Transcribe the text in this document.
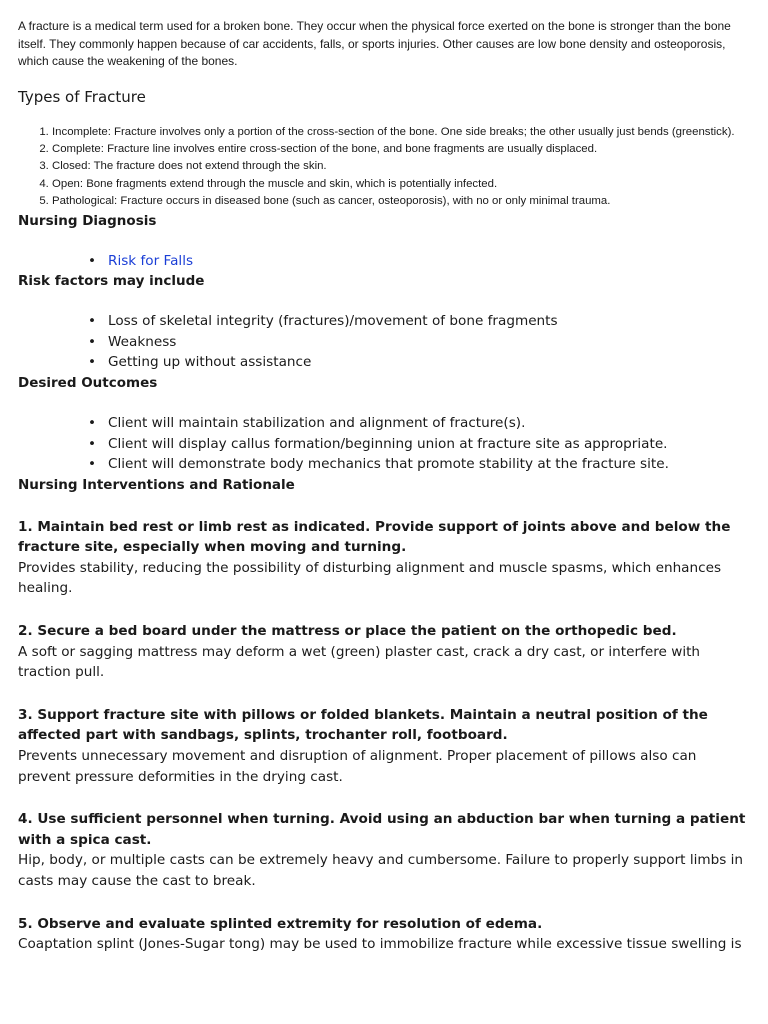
A fracture is a medical term used for a broken bone. They occur when the physical force exerted on the bone is stronger than the bone itself. They commonly happen because of car accidents, falls, or sports injuries. Other causes are low bone density and osteoporosis, which cause the weakening of the bones.

Types of Fracture
1. Incomplete: Fracture involves only a portion of the cross-section of the bone. One side breaks; the other usually just bends (greenstick).
2. Complete: Fracture line involves entire cross-section of the bone, and bone fragments are usually displaced.
3. Closed: The fracture does not extend through the skin.
4. Open: Bone fragments extend through the muscle and skin, which is potentially infected.
5. Pathological: Fracture occurs in diseased bone (such as cancer, osteoporosis), with no or only minimal trauma.
Nursing Diagnosis
• Risk for Falls
Risk factors may include
• Loss of skeletal integrity (fractures)/movement of bone fragments
• Weakness
• Getting up without assistance
Desired Outcomes
• Client will maintain stabilization and alignment of fracture(s).
• Client will display callus formation/beginning union at fracture site as appropriate.
• Client will demonstrate body mechanics that promote stability at the fracture site.
Nursing Interventions and Rationale

1. Maintain bed rest or limb rest as indicated. Provide support of joints above and below the fracture site, especially when moving and turning.

Provides stability, reducing the possibility of disturbing alignment and muscle spasms, which enhances healing.

2. Secure a bed board under the mattress or place the patient on the orthopedic bed.

A soft or sagging mattress may deform a wet (green) plaster cast, crack a dry cast, or interfere with traction pull.

3. Support fracture site with pillows or folded blankets. Maintain a neutral position of the affected part with sandbags, splints, trochanter roll, footboard.

Prevents unnecessary movement and disruption of alignment. Proper placement of pillows also can prevent pressure deformities in the drying cast.

4. Use sufficient personnel when turning. Avoid using an abduction bar when turning a patient with a spica cast.

Hip, body, or multiple casts can be extremely heavy and cumbersome. Failure to properly support limbs in casts may cause the cast to break.

5. Observe and evaluate splinted extremity for resolution of edema.

Coaptation splint (Jones-Sugar tong) may be used to immobilize fracture while excessive tissue swelling is
